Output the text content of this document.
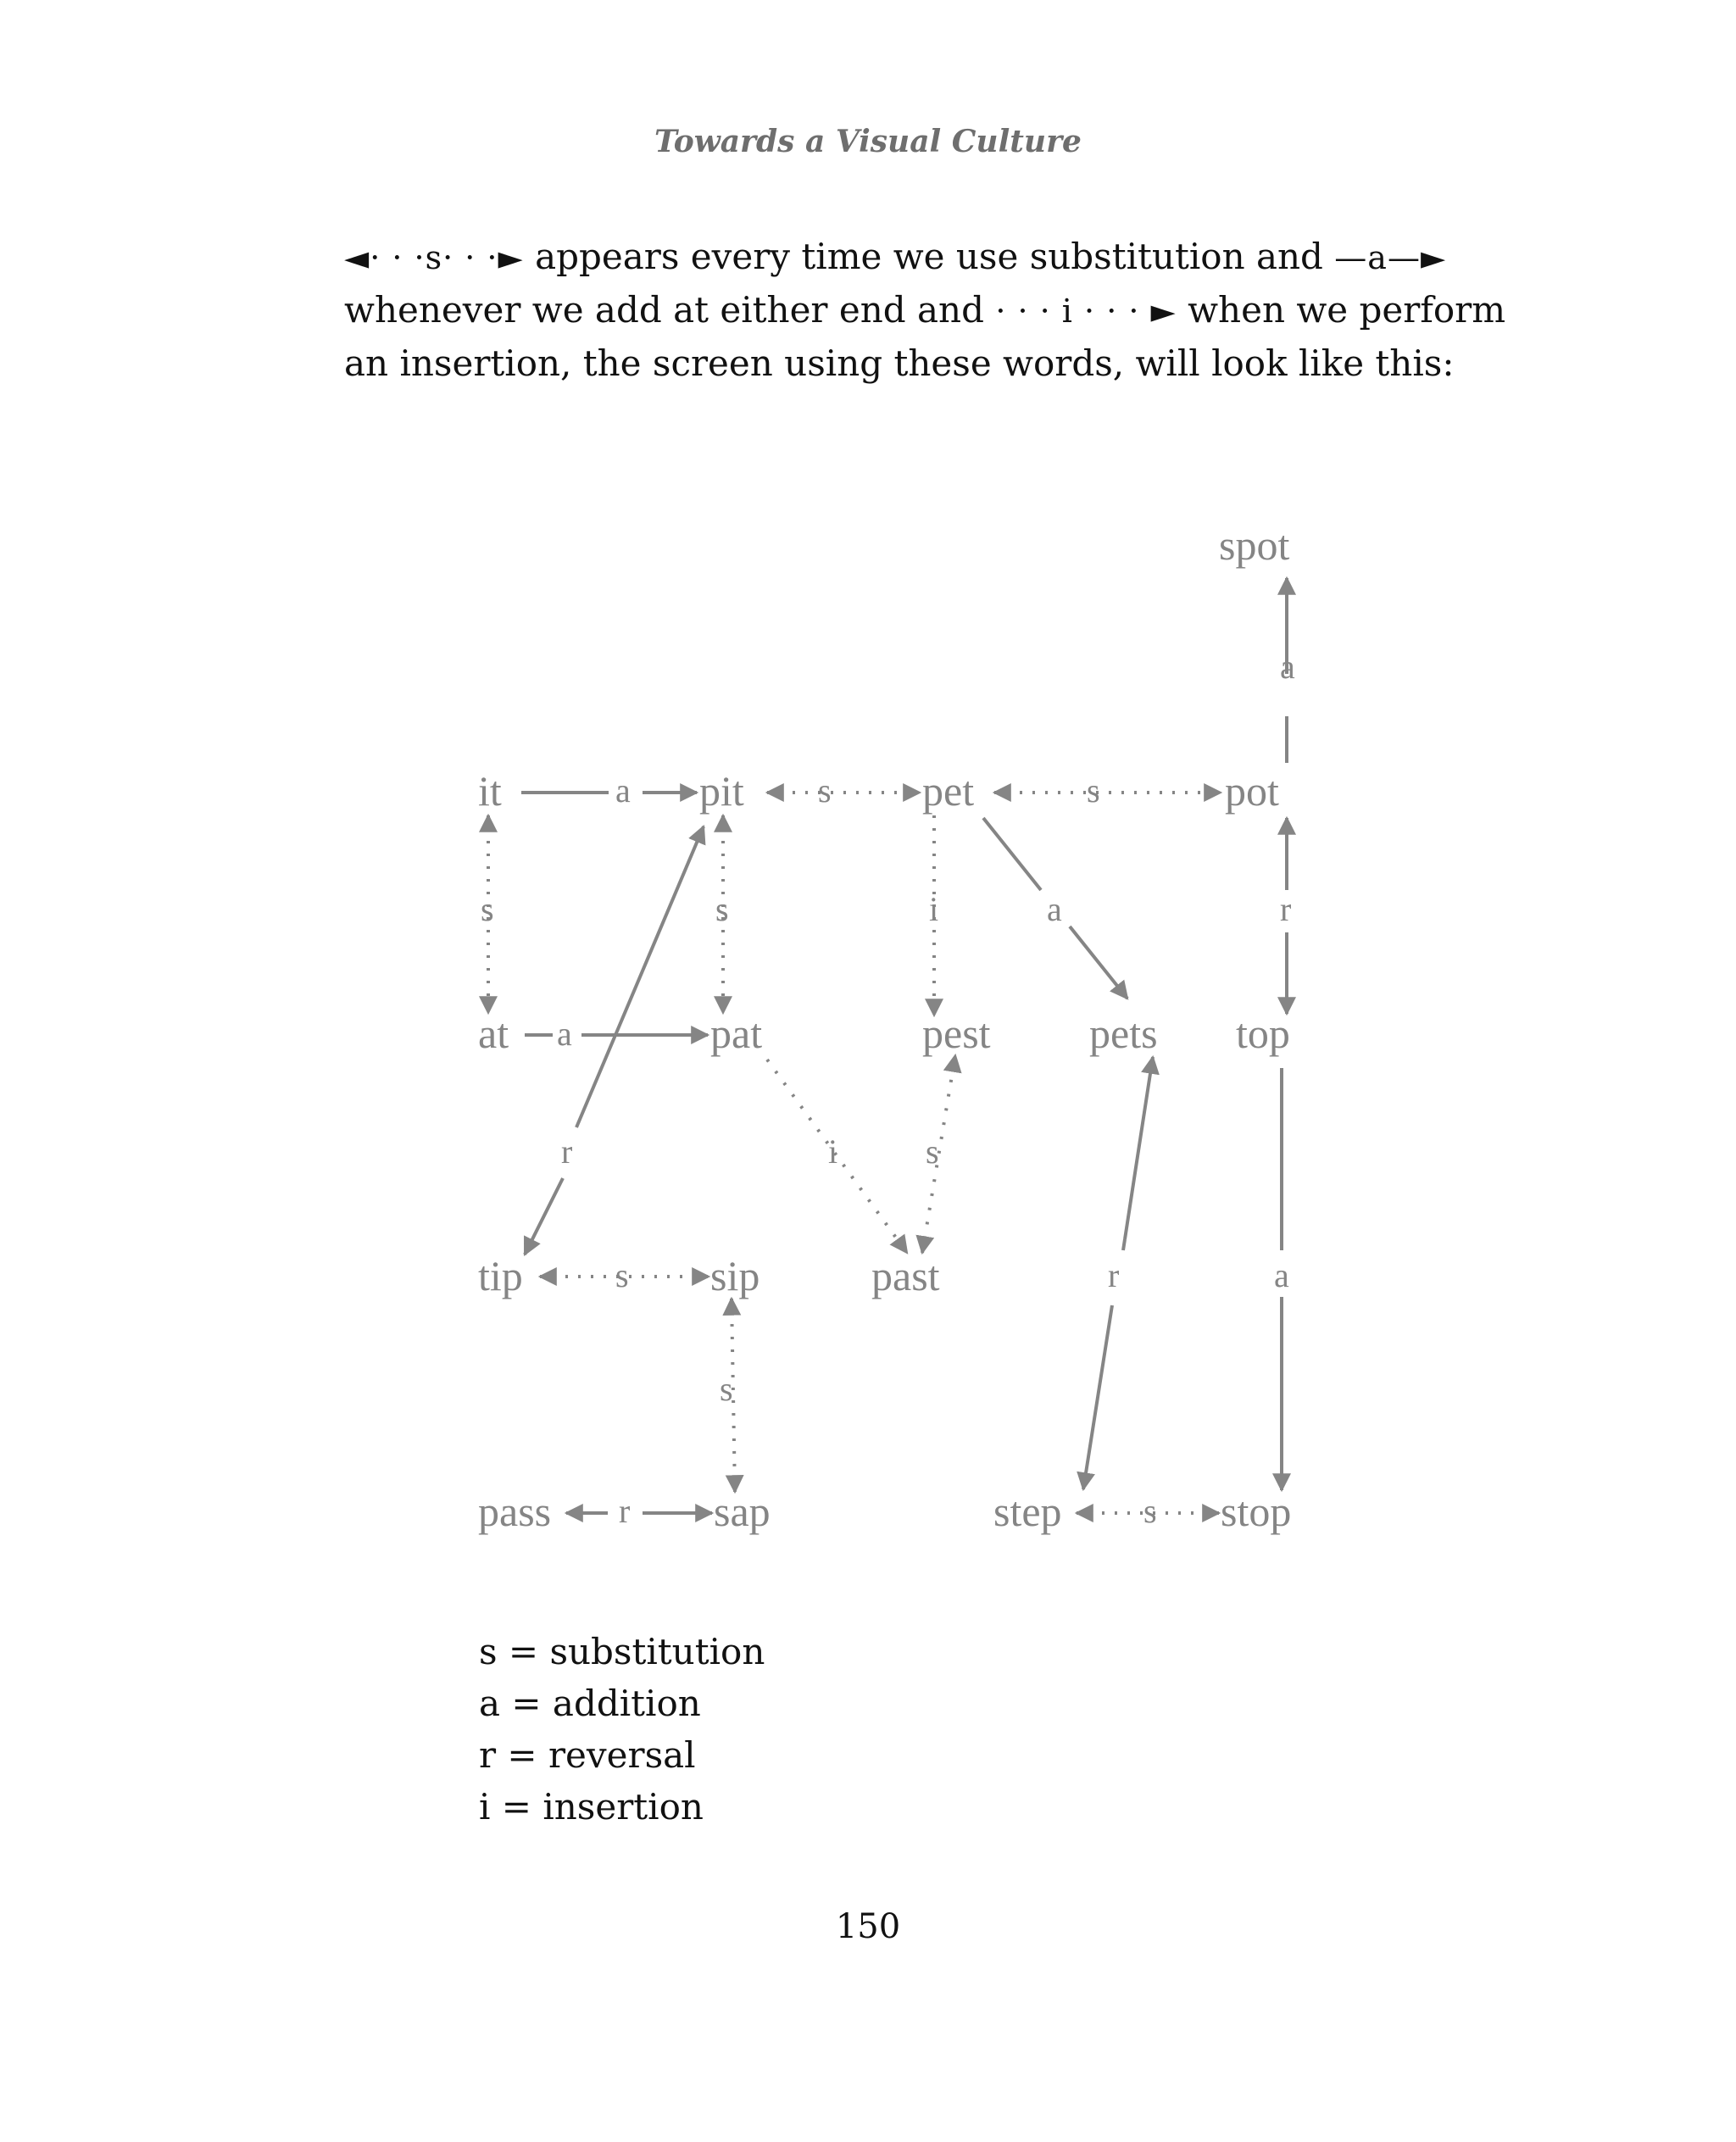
Towards a Visual Culture

◄· · ·s· · ·► appears every time we use substitution and —a—►
whenever we add at either end and · · · i · · · ► when we perform
an insertion, the screen using these words, will look like this:

spot
it	pit	pet	pot
at	pat	pest pets top
tip	sip	past
pass	sap	step	stop
a
a	s	s
s	s	i	a	r
a
r	i	s
s	r	a
s
r	s
s = substitution
a = addition
r = reversal
i = insertion
150
